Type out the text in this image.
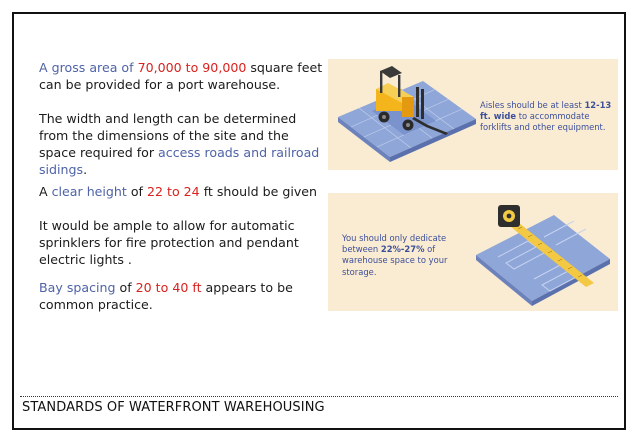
A gross area of 70,000 to 90,000 square feet can be provided for a port warehouse.

The width and length can be determined from the dimensions of the site and the space required for access roads and railroad sidings.

A clear height of 22 to 24 ft should be given

It would be ample to allow for automatic sprinklers for fire protection and pendant electric lights .

Bay spacing of 20 to 40 ft appears to be common practice.

Aisles should be at least 12-13 ft. wide to accommodate forklifts and other equipment.
You should only dedicate between 22%-27% of warehouse space to your storage.
STANDARDS OF WATERFRONT WAREHOUSING
